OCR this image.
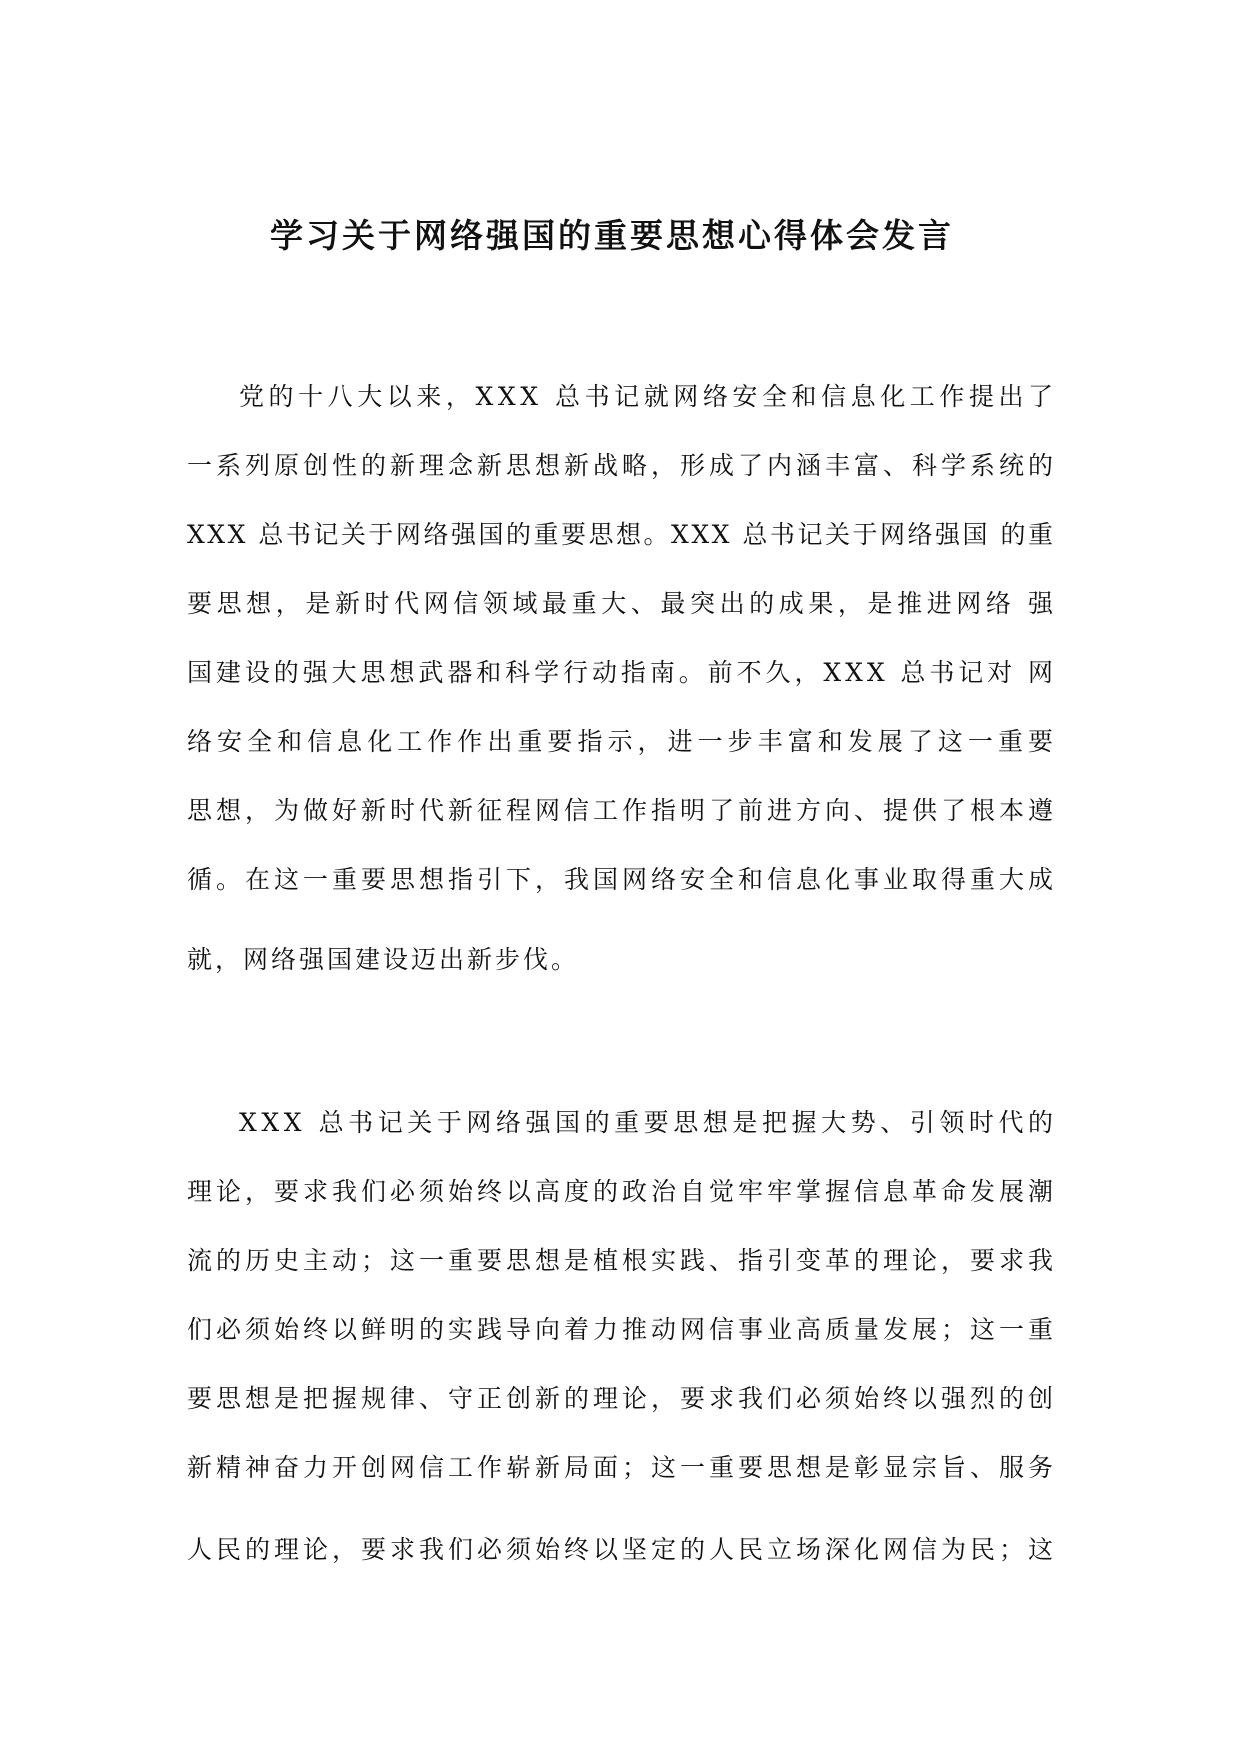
学习关于网络强国的重要思想心得体会发言
党的十八大以来，XXX 总书记就网络安全和信息化工作提出了
一系列原创性的新理念新思想新战略，形成了内涵丰富、科学系统的
XXX 总书记关于网络强国的重要思想。XXX 总书记关于网络强国 的重
要思想，是新时代网信领域最重大、最突出的成果，是推进网络 强
国建设的强大思想武器和科学行动指南。前不久，XXX 总书记对 网
络安全和信息化工作作出重要指示，进一步丰富和发展了这一重要
思想，为做好新时代新征程网信工作指明了前进方向、提供了根本遵
循。在这一重要思想指引下，我国网络安全和信息化事业取得重大成
就，网络强国建设迈出新步伐。
XXX 总书记关于网络强国的重要思想是把握大势、引领时代的
理论，要求我们必须始终以高度的政治自觉牢牢掌握信息革命发展潮
流的历史主动；这一重要思想是植根实践、指引变革的理论，要求我
们必须始终以鲜明的实践导向着力推动网信事业高质量发展；这一重
要思想是把握规律、守正创新的理论，要求我们必须始终以强烈的创
新精神奋力开创网信工作崭新局面；这一重要思想是彰显宗旨、服务
人民的理论，要求我们必须始终以坚定的人民立场深化网信为民；这
